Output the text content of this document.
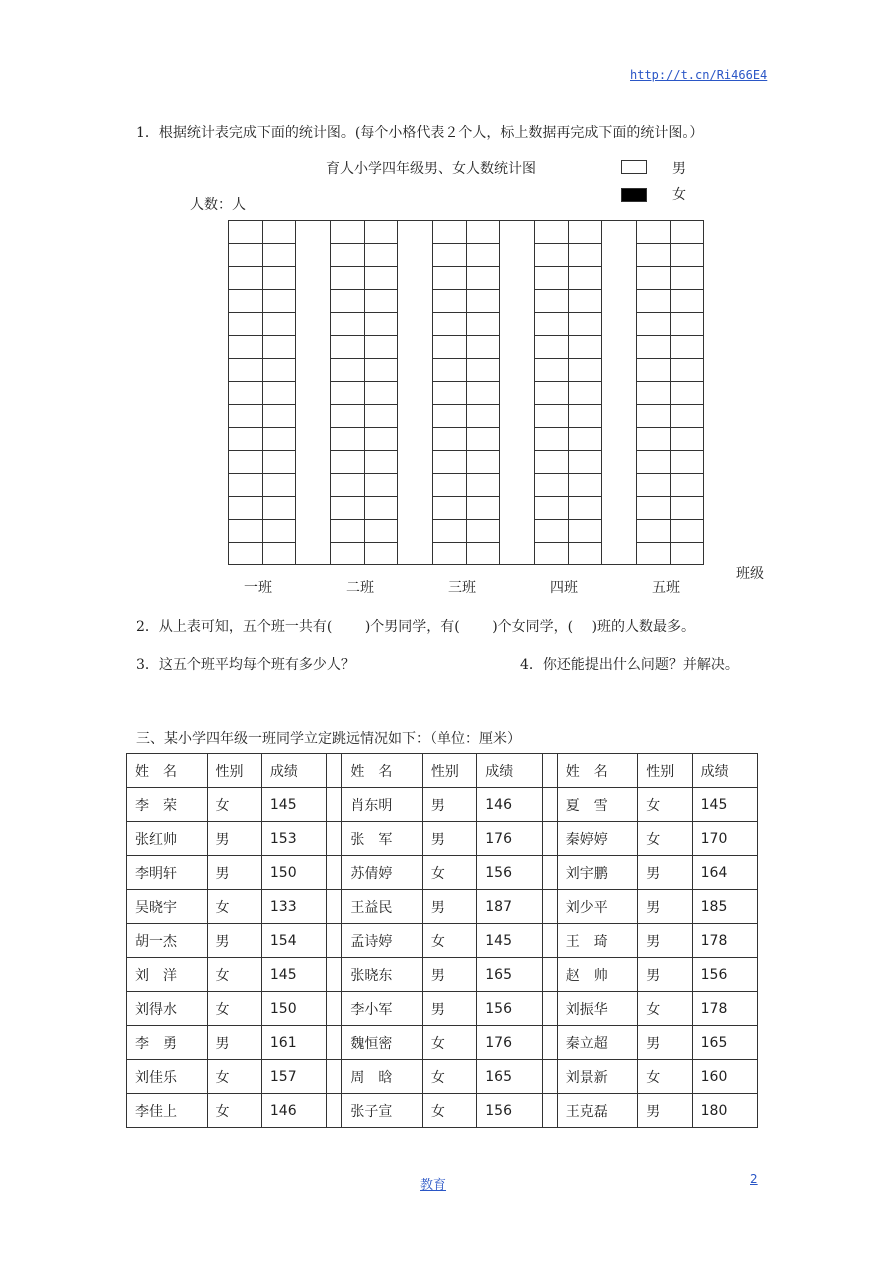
http://t.cn/Ri466E4
1．根据统计表完成下面的统计图。(每个小格代表２个人，标上数据再完成下面的统计图。）
育人小学四年级男、女人数统计图	男
女
人数：人
班级
一班	二班	三班	四班	五班
2．从上表可知，五个班一共有(　　 )个男同学，有(　　 )个女同学，(　 )班的人数最多。
3．这五个班平均每个班有多少人？	4．你还能提出什么问题？并解决。
三、某小学四年级一班同学立定跳远情况如下：（单位：厘米）
姓　名	性别	成绩		姓　名	性别	成绩		姓　名	性别	成绩
李　荣	女	145		肖东明	男	146		夏　雪	女	145
张红帅	男	153		张　军	男	176		秦婷婷	女	170
李明轩	男	150		苏倩婷	女	156		刘宇鹏	男	164
吴晓宇	女	133		王益民	男	187		刘少平	男	185
胡一杰	男	154		孟诗婷	女	145		王　琦	男	178
刘　洋	女	145		张晓东	男	165		赵　帅	男	156
刘得水	女	150		李小军	男	156		刘振华	女	178
李　勇	男	161		魏恒密	女	176		秦立超	男	165
刘佳乐	女	157		周　晗	女	165		刘景新	女	160
李佳上	女	146		张子宣	女	156		王克磊	男	180
教育	2
